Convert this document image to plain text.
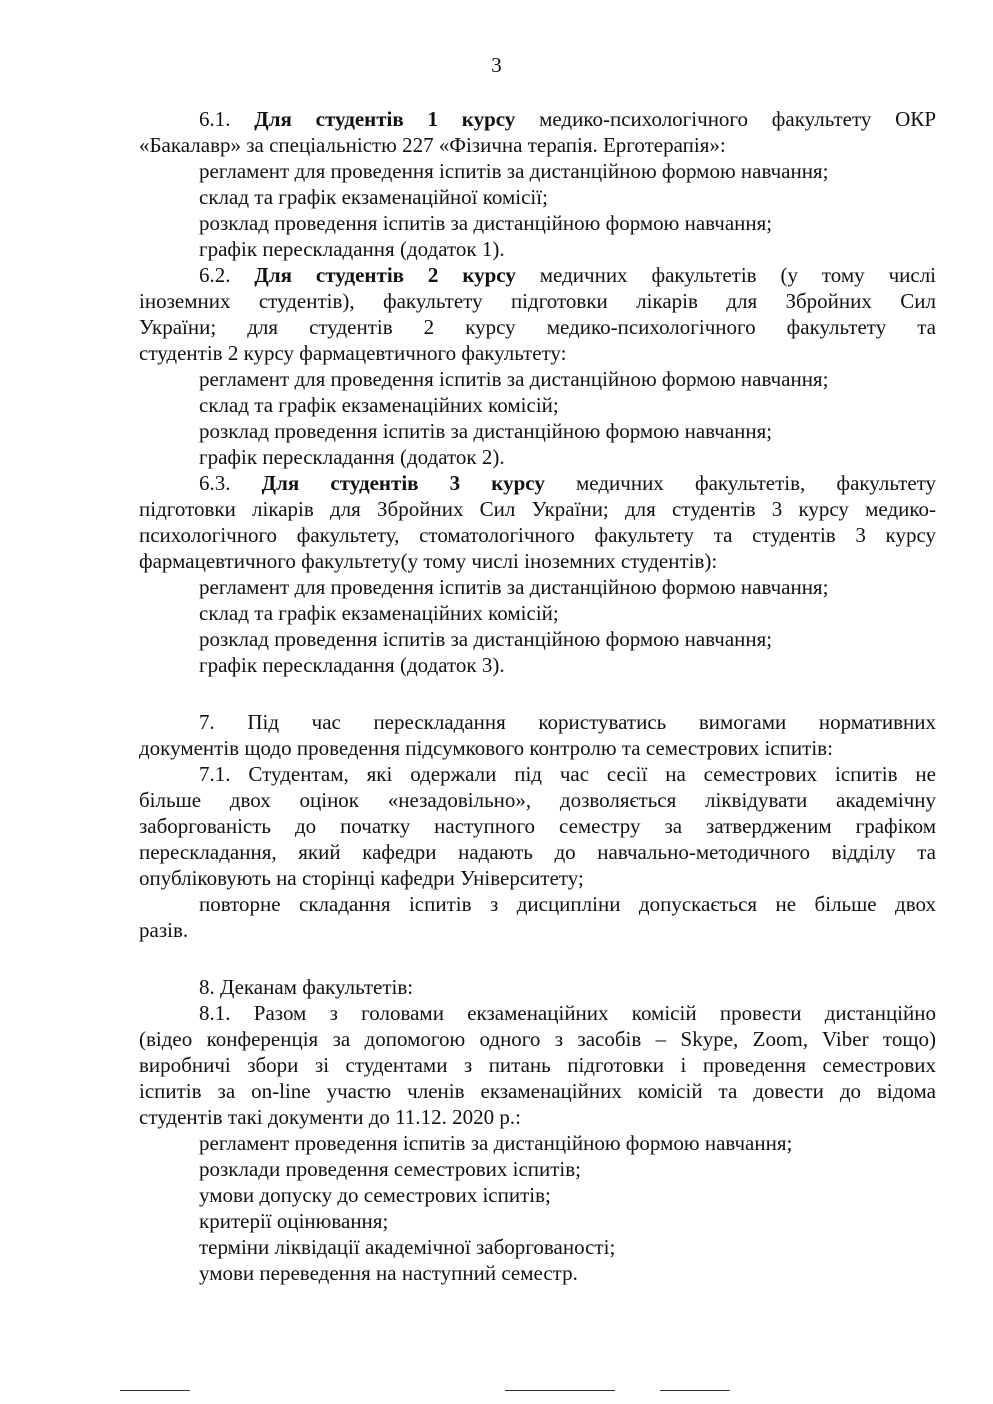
3
6.1. Для студентів 1 курсу медико-психологічного факультету ОКР
«Бакалавр» за спеціальністю 227 «Фізична терапія. Ерготерапія»:
регламент для проведення іспитів за дистанційною формою навчання;
склад та графік екзаменаційної комісії;
розклад проведення іспитів за дистанційною формою навчання;
графік перескладання (додаток 1).
6.2. Для студентів 2 курсу медичних факультетів (у тому числі
іноземних студентів), факультету підготовки лікарів для Збройних Сил
України; для студентів 2 курсу медико-психологічного факультету та
студентів 2 курсу фармацевтичного факультету:
регламент для проведення іспитів за дистанційною формою навчання;
склад та графік екзаменаційних комісій;
розклад проведення іспитів за дистанційною формою навчання;
графік перескладання (додаток 2).
6.3. Для студентів 3 курсу медичних факультетів, факультету
підготовки лікарів для Збройних Сил України; для студентів 3 курсу медико-
психологічного факультету, стоматологічного факультету та студентів 3 курсу
фармацевтичного факультету(у тому числі іноземних студентів):
регламент для проведення іспитів за дистанційною формою навчання;
склад та графік екзаменаційних комісій;
розклад проведення іспитів за дистанційною формою навчання;
графік перескладання (додаток 3).
7. Під час перескладання користуватись вимогами нормативних
документів щодо проведення підсумкового контролю та семестрових іспитів:
7.1. Студентам, які одержали під час сесії на семестрових іспитів не
більше двох оцінок «незадовільно», дозволяється ліквідувати академічну
заборгованість до початку наступного семестру за затвердженим графіком
перескладання, який кафедри надають до навчально-методичного відділу та
опубліковують на сторінці кафедри Університету;
повторне складання іспитів з дисципліни допускається не більше двох
разів.
8. Деканам факультетів:
8.1. Разом з головами екзаменаційних комісій провести дистанційно
(відео конференція за допомогою одного з засобів – Skype, Zoom, Viber тощо)
виробничі збори зі студентами з питань підготовки і проведення семестрових
іспитів за on-line участю членів екзаменаційних комісій та довести до відома
студентів такі документи до 11.12. 2020 р.:
регламент проведення іспитів за дистанційною формою навчання;
розклади проведення семестрових іспитів;
умови допуску до семестрових іспитів;
критерії оцінювання;
терміни ліквідації академічної заборгованості;
умови переведення на наступний семестр.
